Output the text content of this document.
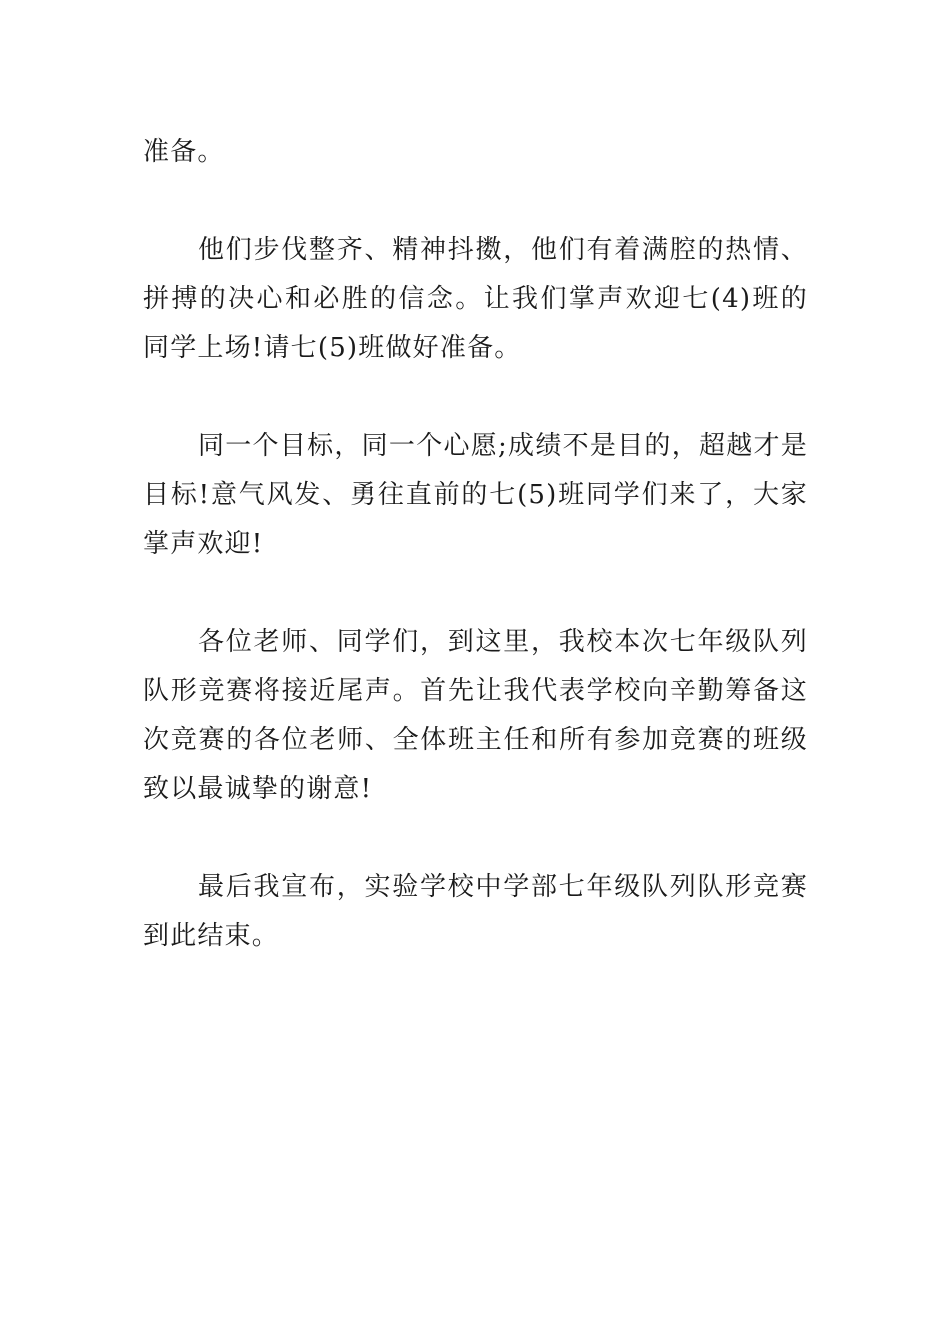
准备。

他们步伐整齐、精神抖擞，他们有着满腔的热情、拼搏的决心和必胜的信念。让我们掌声欢迎七(4)班的同学上场!请七(5)班做好准备。

同一个目标，同一个心愿;成绩不是目的，超越才是目标!意气风发、勇往直前的七(5)班同学们来了，大家掌声欢迎!

各位老师、同学们，到这里，我校本次七年级队列队形竞赛将接近尾声。首先让我代表学校向辛勤筹备这次竞赛的各位老师、全体班主任和所有参加竞赛的班级致以最诚挚的谢意!

最后我宣布，实验学校中学部七年级队列队形竞赛到此结束。
